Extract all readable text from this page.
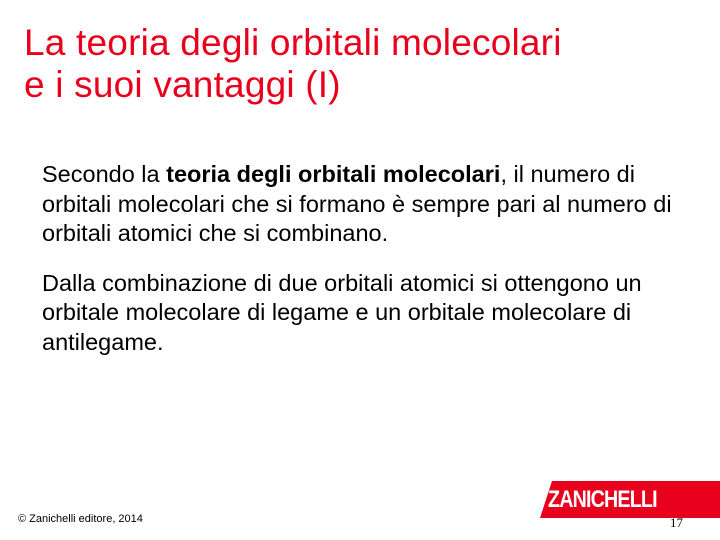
La teoria degli orbitali molecolari
e i suoi vantaggi (I)

Secondo la teoria degli orbitali molecolari, il numero di orbitali molecolari che si formano è sempre pari al numero di orbitali atomici che si combinano.

Dalla combinazione di due orbitali atomici si ottengono un orbitale molecolare di legame e un orbitale molecolare di antilegame.

© Zanichelli editore, 2014
ZANICHELLI
17
